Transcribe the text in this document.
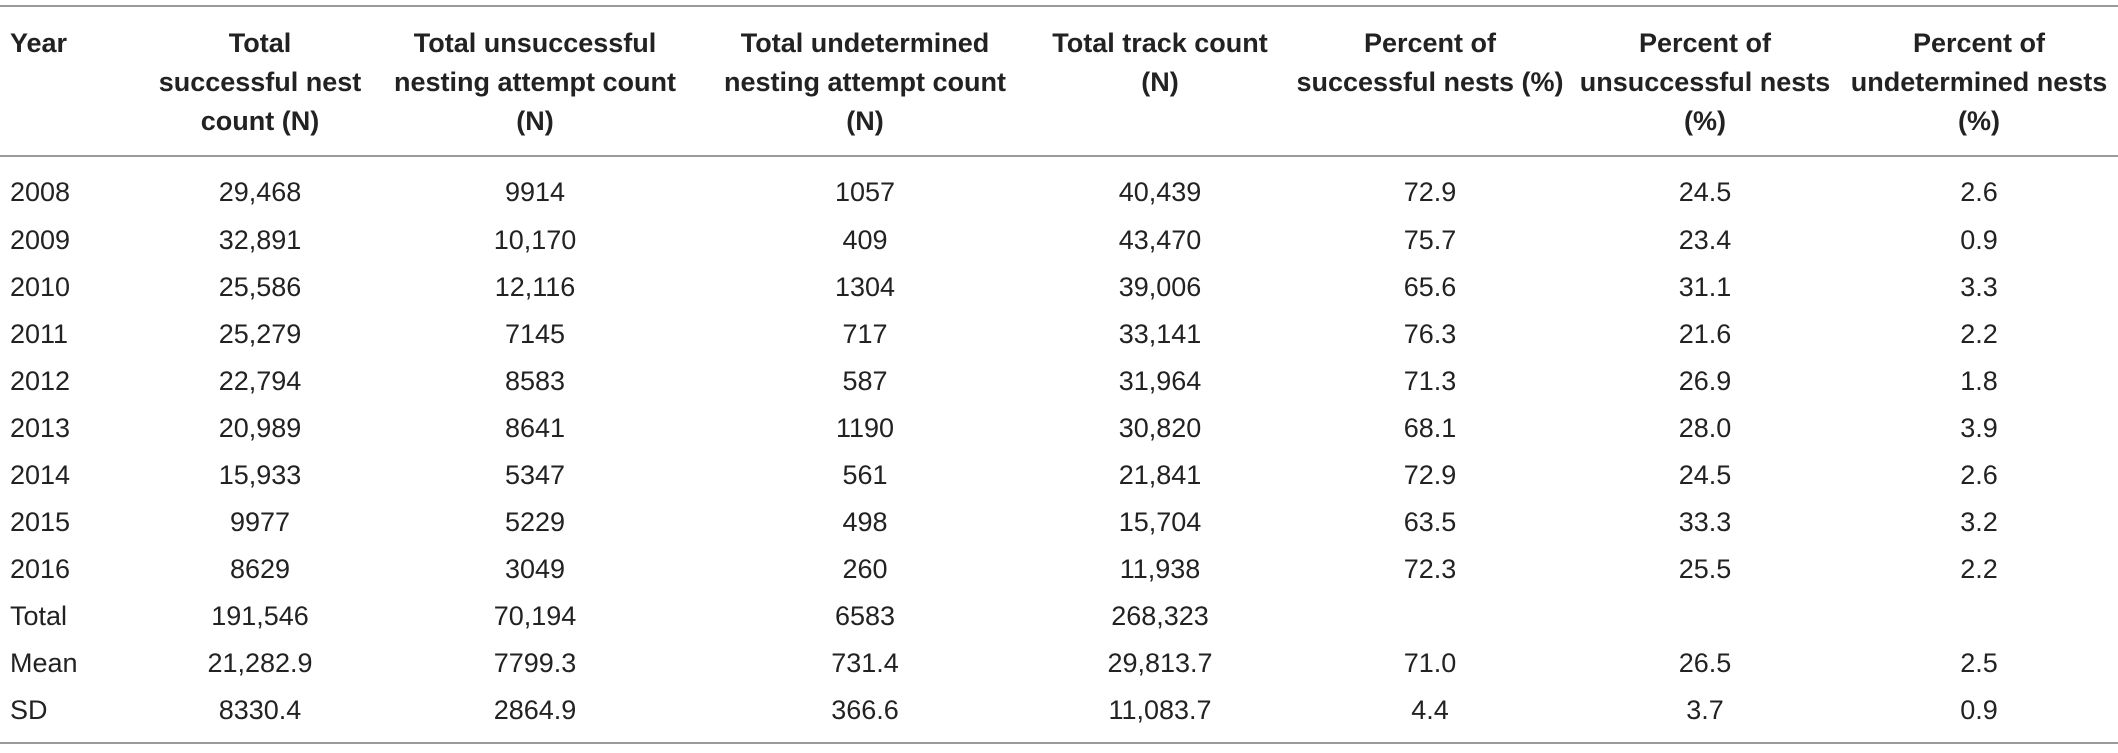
Year	Total successful nest count (N)	Total unsuccessful nesting attempt count (N)	Total undetermined nesting attempt count (N)	Total track count (N)	Percent of successful nests (%)	Percent of unsuccessful nests (%)	Percent of undetermined nests (%)
2008	29,468	9914	1057	40,439	72.9	24.5	2.6
2009	32,891	10,170	409	43,470	75.7	23.4	0.9
2010	25,586	12,116	1304	39,006	65.6	31.1	3.3
2011	25,279	7145	717	33,141	76.3	21.6	2.2
2012	22,794	8583	587	31,964	71.3	26.9	1.8
2013	20,989	8641	1190	30,820	68.1	28.0	3.9
2014	15,933	5347	561	21,841	72.9	24.5	2.6
2015	9977	5229	498	15,704	63.5	33.3	3.2
2016	8629	3049	260	11,938	72.3	25.5	2.2
Total	191,546	70,194	6583	268,323			
Mean	21,282.9	7799.3	731.4	29,813.7	71.0	26.5	2.5
SD	8330.4	2864.9	366.6	11,083.7	4.4	3.7	0.9
